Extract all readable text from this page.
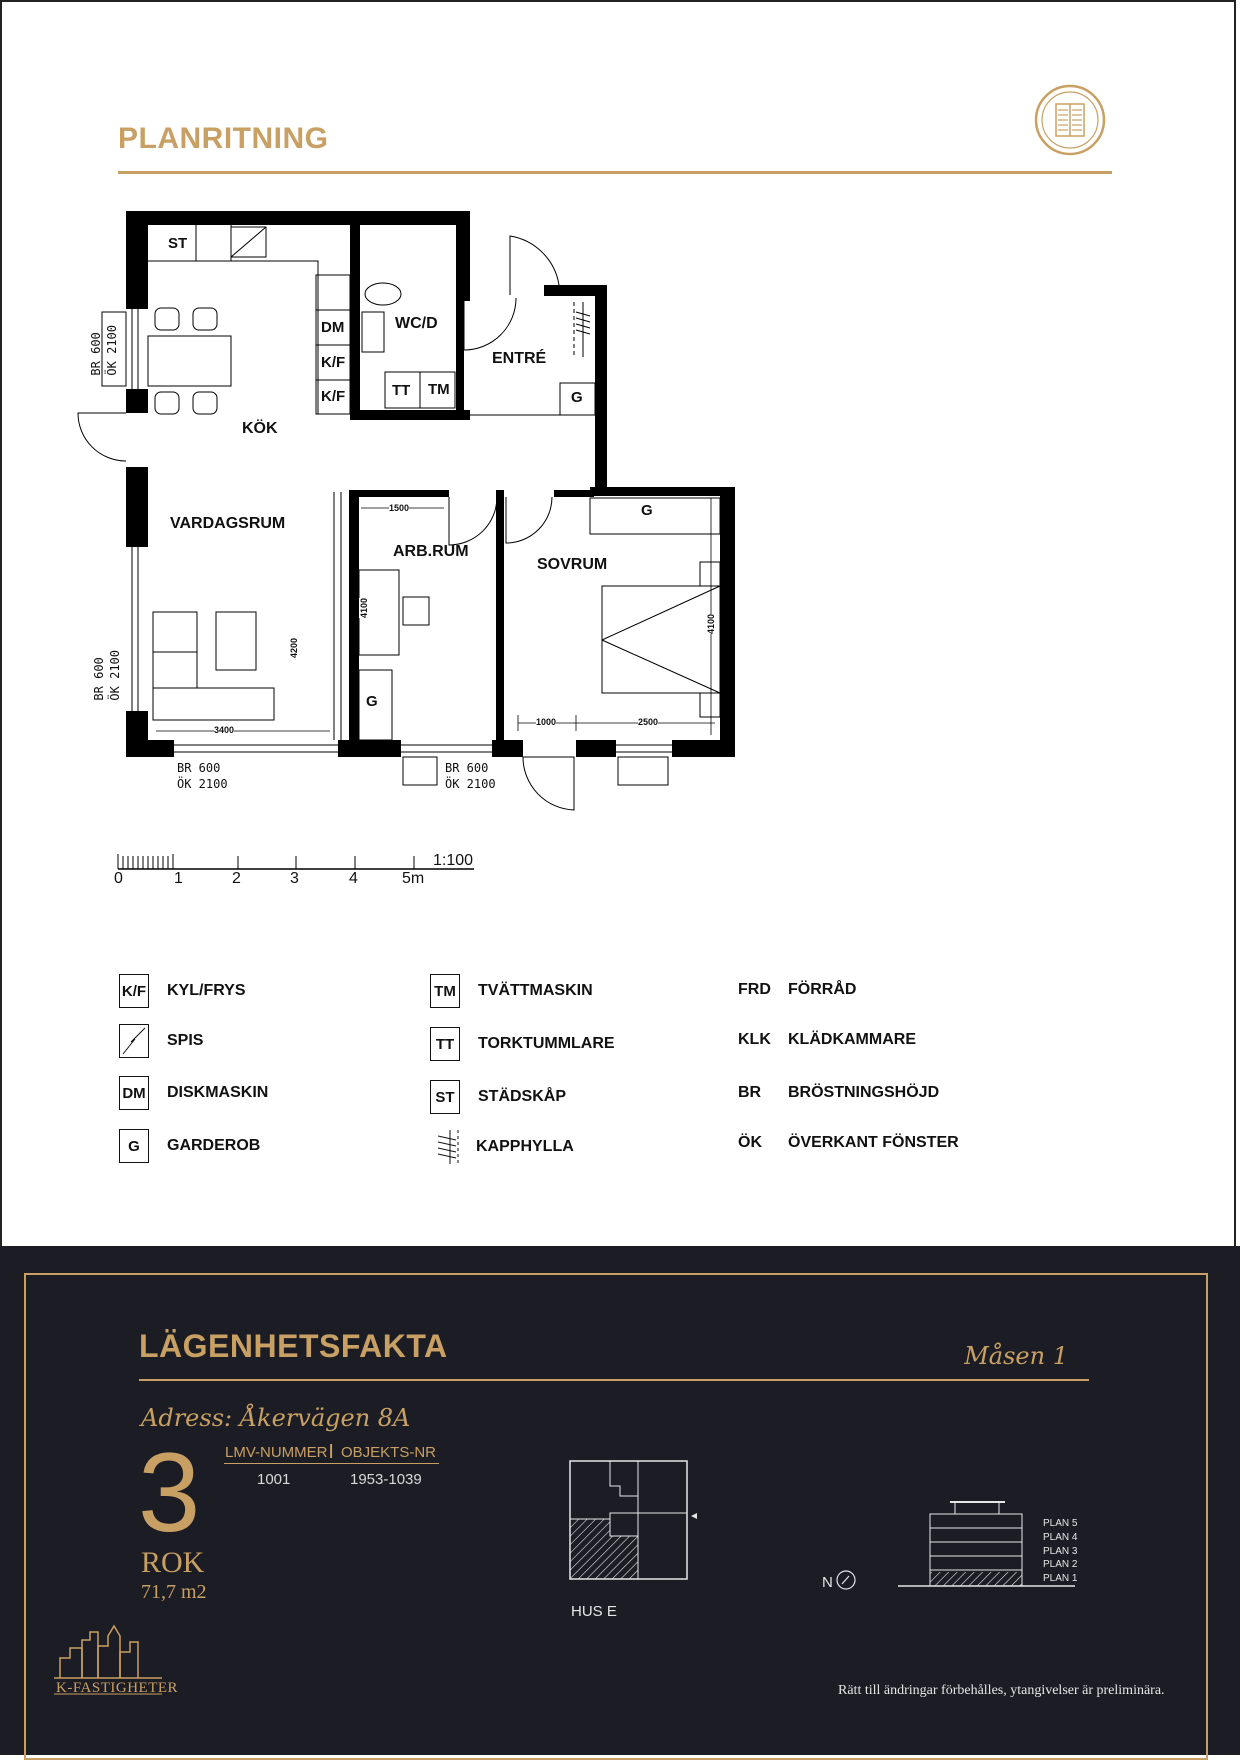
PLANRITNING
KÖK
VARDAGSRUM
WC/D
ENTRÉ
ARB.RUM
SOVRUM
ST
DM
K/F
K/F	TT TM	G
G
G
4200
3400
1500
4100
4100
1000	2500
BR 600
ÖK 2100
BR 600
ÖK 2100
BR 600
ÖK 2100
BR 600
ÖK 2100
0	1	2	3	4	5m
1:100
K/F KYL/FRYS
SPIS
DM DISKMASKIN
G	GARDEROB
TM TVÄTTMASKIN
TT	TORKTUMMLARE
ST	STÄDSKÅP
KAPPHYLLA
FRD	FÖRRÅD
KLK	KLÄDKAMMARE
BR	BRÖSTNINGSHÖJD
ÖK	ÖVERKANT FÖNSTER
LÄGENHETSFAKTA	Måsen 1
Adress: Åkervägen 8A
3
ROK
71,7 m2
LMV-NUMMER | OBJEKTS-NR
1001	1953-1039
HUS E
N
PLAN 5
PLAN 4
PLAN 3
PLAN 2
PLAN 1
K-FASTIGHETER	Rätt till ändringar förbehålles, ytangivelser är preliminära.
